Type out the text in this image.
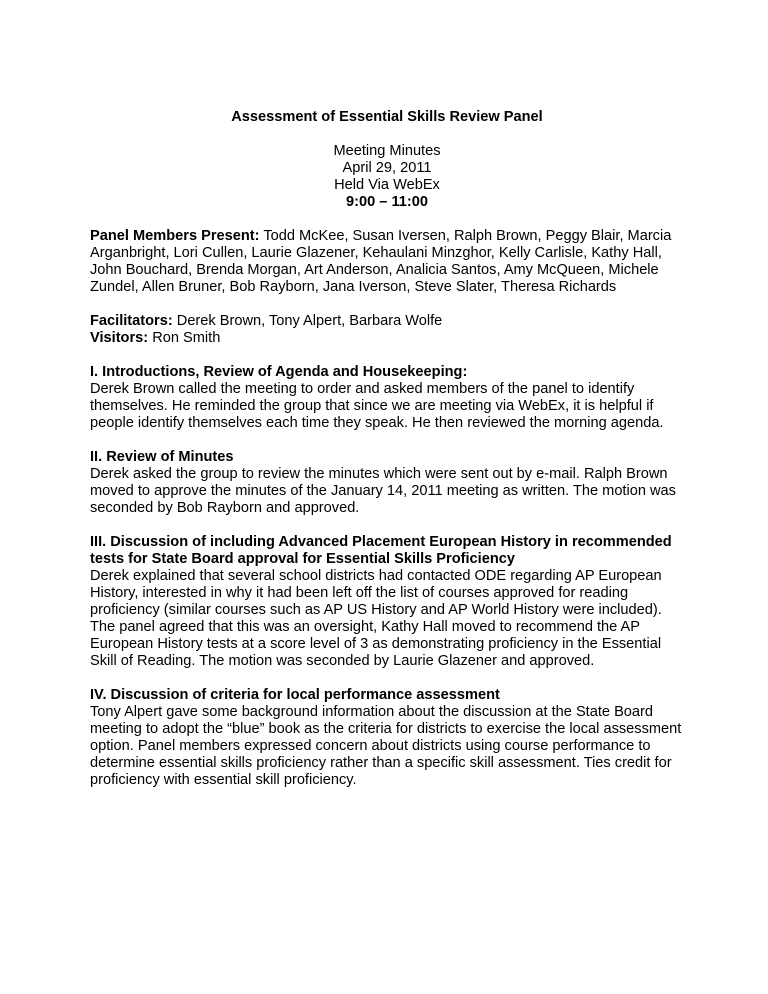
Assessment of Essential Skills Review Panel

Meeting Minutes

April 29, 2011

Held Via WebEx

9:00 – 11:00

Panel Members Present: Todd McKee, Susan Iversen, Ralph Brown, Peggy Blair, Marcia Arganbright, Lori Cullen, Laurie Glazener, Kehaulani Minzghor, Kelly Carlisle, Kathy Hall, John Bouchard, Brenda Morgan, Art Anderson, Analicia Santos, Amy McQueen, Michele Zundel, Allen Bruner, Bob Rayborn, Jana Iverson, Steve Slater, Theresa Richards

Facilitators: Derek Brown, Tony Alpert, Barbara Wolfe

Visitors: Ron Smith

I. Introductions, Review of Agenda and Housekeeping:

Derek Brown called the meeting to order and asked members of the panel to identify themselves. He reminded the group that since we are meeting via WebEx, it is helpful if people identify themselves each time they speak. He then reviewed the morning agenda.

II. Review of Minutes

Derek asked the group to review the minutes which were sent out by e-mail. Ralph Brown moved to approve the minutes of the January 14, 2011 meeting as written. The motion was seconded by Bob Rayborn and approved.

III. Discussion of including Advanced Placement European History in recommended tests for State Board approval for Essential Skills Proficiency

Derek explained that several school districts had contacted ODE regarding AP European History, interested in why it had been left off the list of courses approved for reading proficiency (similar courses such as AP US History and AP World History were included). The panel agreed that this was an oversight, Kathy Hall moved to recommend the AP European History tests at a score level of 3 as demonstrating proficiency in the Essential Skill of Reading. The motion was seconded by Laurie Glazener and approved.

IV. Discussion of criteria for local performance assessment

Tony Alpert gave some background information about the discussion at the State Board meeting to adopt the “blue” book as the criteria for districts to exercise the local assessment option. Panel members expressed concern about districts using course performance to determine essential skills proficiency rather than a specific skill assessment. Ties credit for proficiency with essential skill proficiency.
